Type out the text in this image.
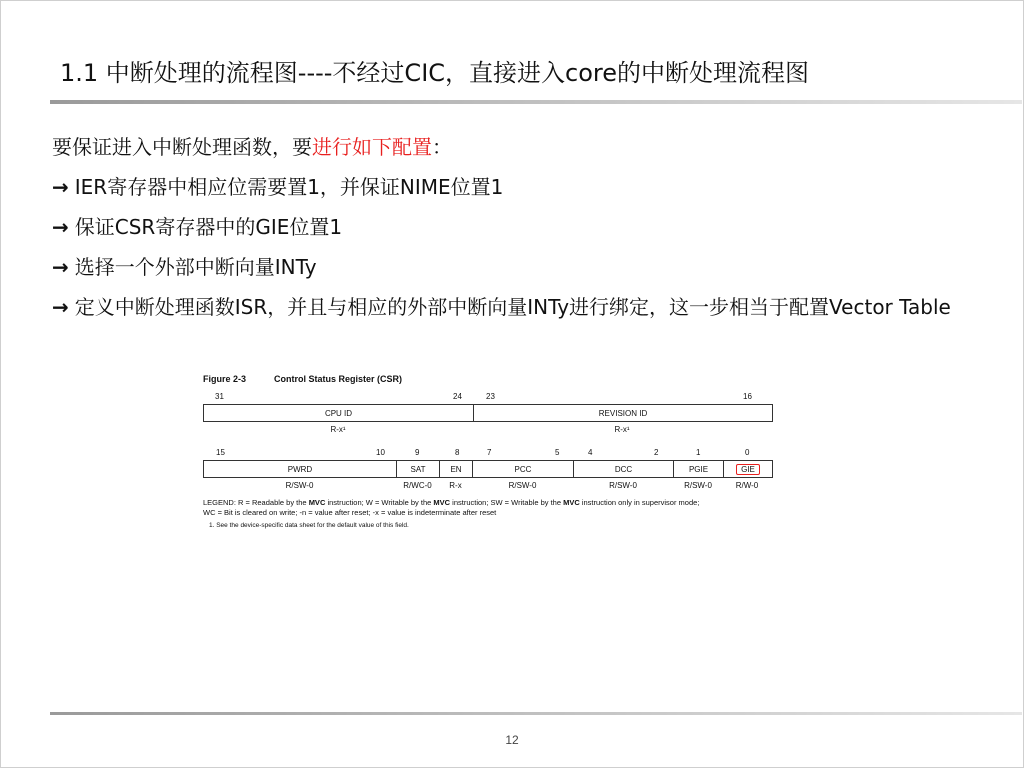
1.1 中断处理的流程图----不经过CIC，直接进入core的中断处理流程图
要保证进入中断处理函数，要进行如下配置：
→ IER寄存器中相应位需要置1，并保证NIME位置1
→ 保证CSR寄存器中的GIE位置1
→ 选择一个外部中断向量INTy
→ 定义中断处理函数ISR，并且与相应的外部中断向量INTy进行绑定，这一步相当于配置Vector Table
Figure 2-3	Control Status Register (CSR)
31	24	23	16
CPU ID	REVISION ID
R-x¹	R-x¹
15	10	9	8	7	5	4	2	1	0
PWRD	SAT	EN	PCC	DCC	PGIE	GIE
R/SW-0	R/WC-0	R-x	R/SW-0	R/SW-0	R/SW-0	R/W-0
LEGEND: R = Readable by the MVC instruction; W = Writable by the MVC instruction; SW = Writable by the MVC instruction only in supervisor mode;
WC = Bit is cleared on write; -n = value after reset; -x = value is indeterminate after reset
1. See the device-specific data sheet for the default value of this field.
12
